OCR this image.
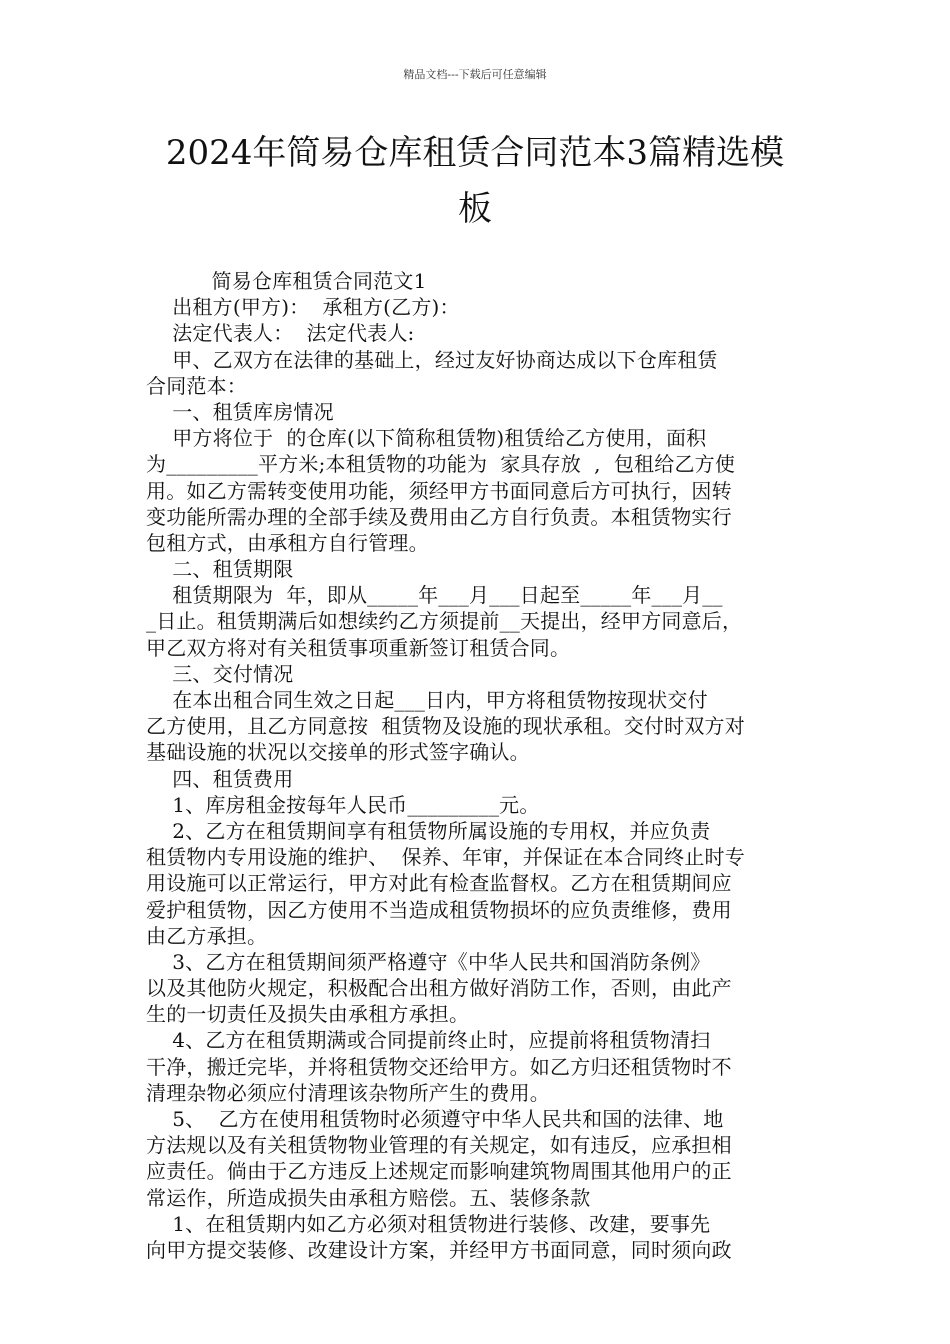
精品文档---下载后可任意编辑
2024年简易仓库租赁合同范本3篇精选模
板
简易仓库租赁合同范文1
出租方(甲方)：  承租方(乙方)：
法定代表人：  法定代表人:
甲、乙双方在法律的基础上，经过友好协商达成以下仓库租赁
合同范本：
一、租赁库房情况
甲方将位于  的仓库(以下简称租赁物)租赁给乙方使用，面积
为_________平方米;本租赁物的功能为  家具存放  ,  包租给乙方使
用。如乙方需转变使用功能，须经甲方书面同意后方可执行，因转
变功能所需办理的全部手续及费用由乙方自行负责。本租赁物实行
包租方式，由承租方自行管理。
二、租赁期限
租赁期限为  年，即从_____年___月___日起至_____年___月__
_日止。租赁期满后如想续约乙方须提前__天提出，经甲方同意后，
甲乙双方将对有关租赁事项重新签订租赁合同。
三、交付情况
在本出租合同生效之日起___日内，甲方将租赁物按现状交付
乙方使用，且乙方同意按  租赁物及设施的现状承租。交付时双方对
基础设施的状况以交接单的形式签字确认。
四、租赁费用
1、库房租金按每年人民币_________元。
2、乙方在租赁期间享有租赁物所属设施的专用权，并应负责
租赁物内专用设施的维护、  保养、年审，并保证在本合同终止时专
用设施可以正常运行，甲方对此有检查监督权。乙方在租赁期间应
爱护租赁物，因乙方使用不当造成租赁物损坏的应负责维修，费用
由乙方承担。
3、乙方在租赁期间须严格遵守《中华人民共和国消防条例》
以及其他防火规定，积极配合出租方做好消防工作，否则，由此产
生的一切责任及损失由承租方承担。
4、乙方在租赁期满或合同提前终止时，应提前将租赁物清扫
干净，搬迁完毕，并将租赁物交还给甲方。如乙方归还租赁物时不
清理杂物必须应付清理该杂物所产生的费用。
5、  乙方在使用租赁物时必须遵守中华人民共和国的法律、地
方法规以及有关租赁物物业管理的有关规定，如有违反，应承担相
应责任。倘由于乙方违反上述规定而影响建筑物周围其他用户的正
常运作，所造成损失由承租方赔偿。五、装修条款
1、在租赁期内如乙方必须对租赁物进行装修、改建，要事先
向甲方提交装修、改建设计方案，并经甲方书面同意，同时须向政
